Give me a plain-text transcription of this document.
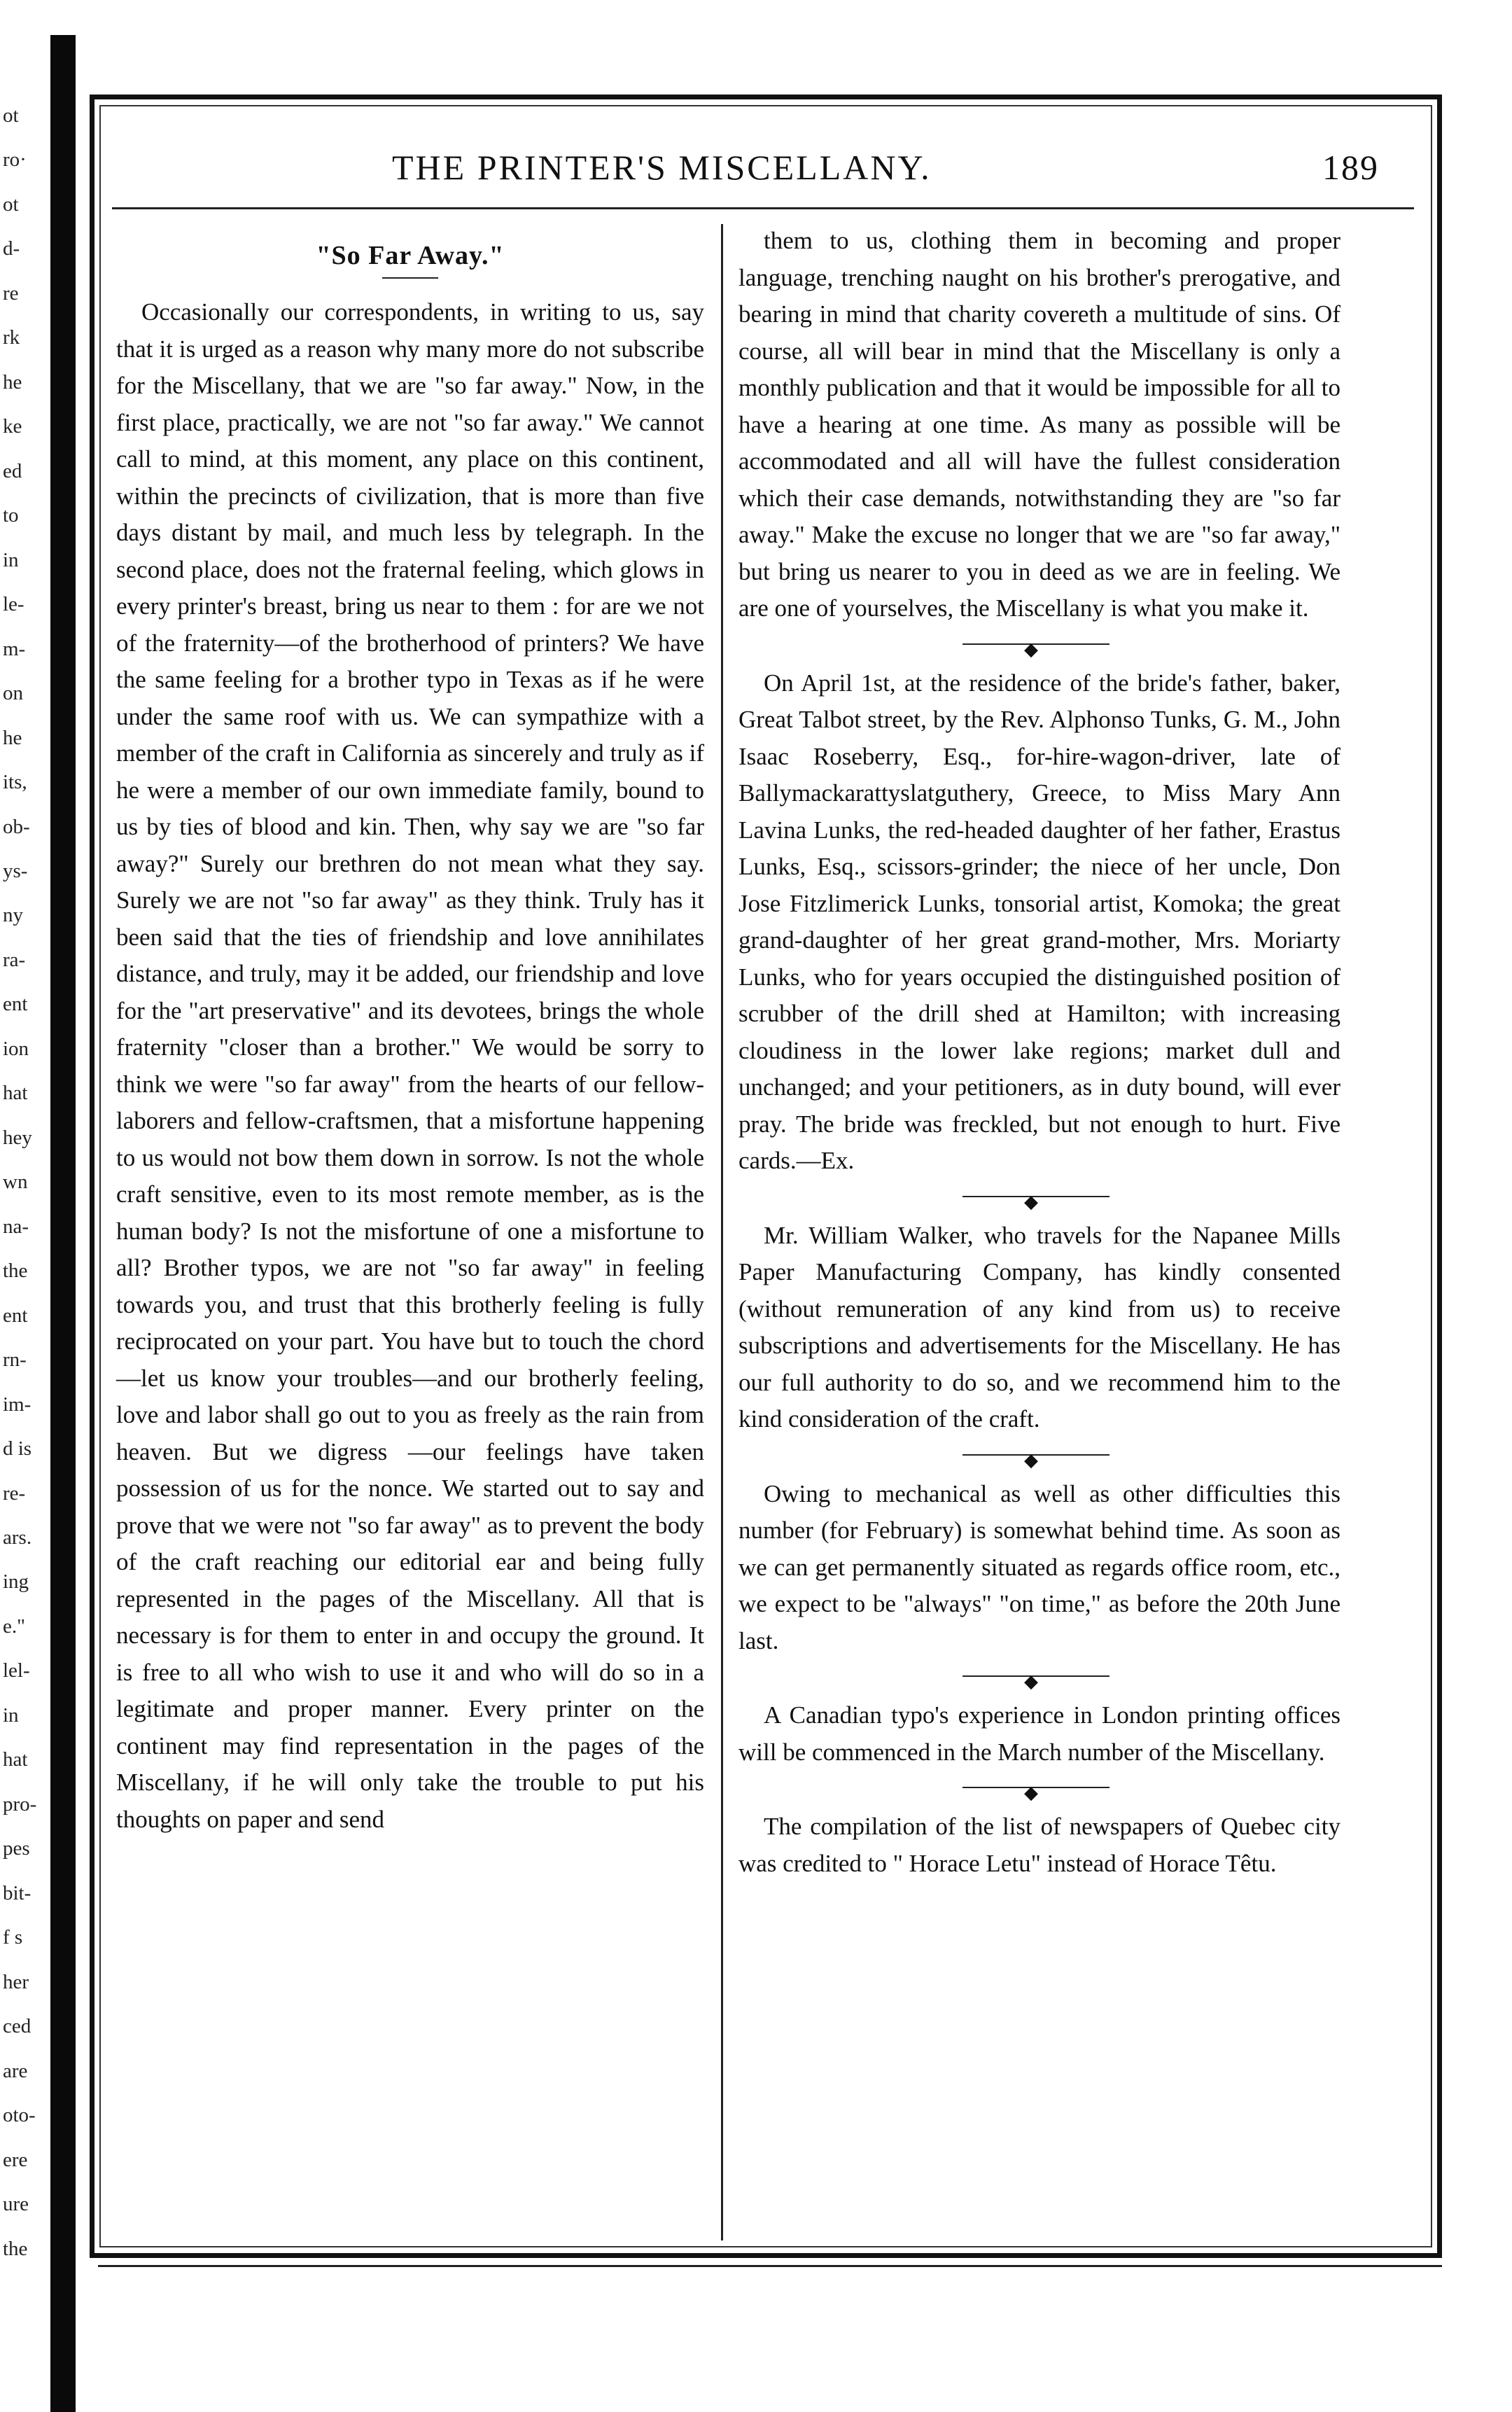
ot
ro·
ot
d-
re
rk
he
ke
ed
to
in
le-
m-
on
he
its,
ob-
ys-
ny
ra-
ent
ion
hat
hey
wn
na-
the
ent
rn-
im-
d is
re-
ars.
ing
e."
lel-
in
hat
pro-
pes
bit-
f s
her
ced
are
oto-
ere
ure
the
THE PRINTER'S MISCELLANY.	189
"So Far Away."

Occasionally our correspondents, in writing to us, say that it is urged as a reason why many more do not subscribe for the Miscellany, that we are "so far away." Now, in the first place, practically, we are not "so far away." We cannot call to mind, at this moment, any place on this continent, within the precincts of civilization, that is more than five days distant by mail, and much less by telegraph. In the second place, does not the fraternal feeling, which glows in every printer's breast, bring us near to them : for are we not of the fraternity—of the brotherhood of printers? We have the same feeling for a brother typo in Texas as if he were under the same roof with us. We can sympathize with a member of the craft in California as sincerely and truly as if he were a member of our own immediate family, bound to us by ties of blood and kin. Then, why say we are "so far away?" Surely our brethren do not mean what they say. Surely we are not "so far away" as they think. Truly has it been said that the ties of friendship and love annihilates distance, and truly, may it be added, our friendship and love for the "art preservative" and its devotees, brings the whole fraternity "closer than a brother." We would be sorry to think we were "so far away" from the hearts of our fellow-laborers and fellow-craftsmen, that a misfortune happening to us would not bow them down in sorrow. Is not the whole craft sensitive, even to its most remote member, as is the human body? Is not the misfortune of one a misfortune to all? Brother typos, we are not "so far away" in feeling towards you, and trust that this brotherly feeling is fully reciprocated on your part. You have but to touch the chord —let us know your troubles—and our brotherly feeling, love and labor shall go out to you as freely as the rain from heaven. But we digress —our feelings have taken possession of us for the nonce. We started out to say and prove that we were not "so far away" as to prevent the body of the craft reaching our editorial ear and being fully represented in the pages of the Miscellany. All that is necessary is for them to enter in and occupy the ground. It is free to all who wish to use it and who will do so in a legitimate and proper manner. Every printer on the continent may find representation in the pages of the Miscellany, if he will only take the trouble to put his thoughts on paper and send

them to us, clothing them in becoming and proper language, trenching naught on his brother's prerogative, and bearing in mind that charity covereth a multitude of sins. Of course, all will bear in mind that the Miscellany is only a monthly publication and that it would be impossible for all to have a hearing at one time. As many as possible will be accommodated and all will have the fullest consideration which their case demands, notwithstanding they are "so far away." Make the excuse no longer that we are "so far away," but bring us nearer to you in deed as we are in feeling. We are one of yourselves, the Miscellany is what you make it.

◆

On April 1st, at the residence of the bride's father, baker, Great Talbot street, by the Rev. Alphonso Tunks, G. M., John Isaac Roseberry, Esq., for-hire-wagon-driver, late of Ballymackarattyslatguthery, Greece, to Miss Mary Ann Lavina Lunks, the red-headed daughter of her father, Erastus Lunks, Esq., scissors-grinder; the niece of her uncle, Don Jose Fitzlimerick Lunks, tonsorial artist, Komoka; the great grand-daughter of her great grand-mother, Mrs. Moriarty Lunks, who for years occupied the distinguished position of scrubber of the drill shed at Hamilton; with increasing cloudiness in the lower lake regions; market dull and unchanged; and your petitioners, as in duty bound, will ever pray. The bride was freckled, but not enough to hurt. Five cards.—Ex.

◆

Mr. William Walker, who travels for the Napanee Mills Paper Manufacturing Company, has kindly consented (without remuneration of any kind from us) to receive subscriptions and advertisements for the Miscellany. He has our full authority to do so, and we recommend him to the kind consideration of the craft.

◆

Owing to mechanical as well as other difficulties this number (for February) is somewhat behind time. As soon as we can get permanently situated as regards office room, etc., we expect to be "always" "on time," as before the 20th June last.

◆

A Canadian typo's experience in London printing offices will be commenced in the March number of the Miscellany.

◆

The compilation of the list of newspapers of Quebec city was credited to " Horace Letu" instead of Horace Têtu.
